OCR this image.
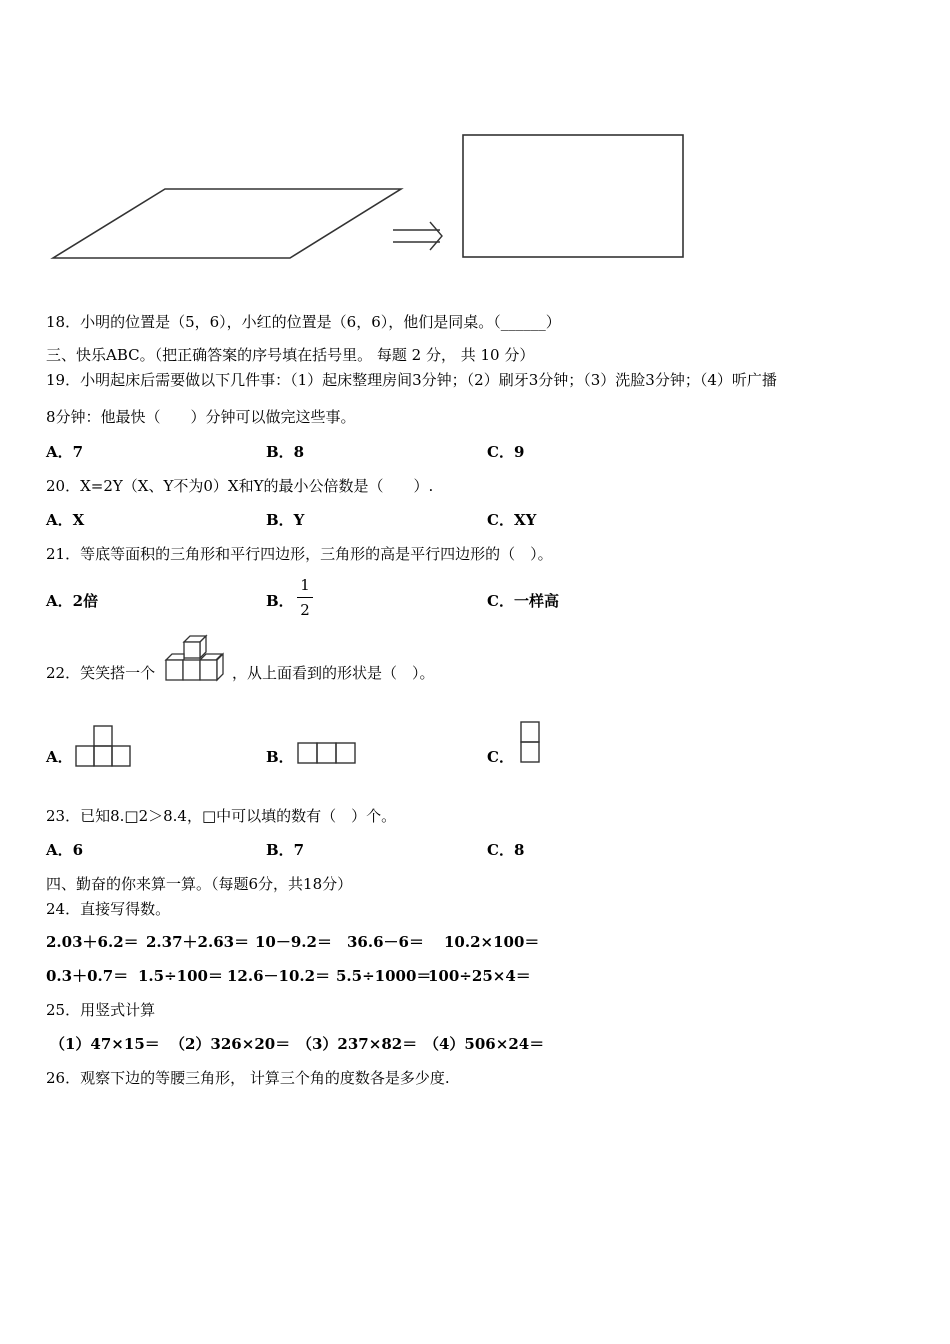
18．小明的位置是（5，6），小红的位置是（6，6），他们是同桌。（______）
三、快乐ABC。（把正确答案的序号填在括号里。 每题 2 分， 共 10 分）
19．小明起床后需要做以下几件事：（1）起床整理房间3分钟；（2）刷牙3分钟；（3）洗脸3分钟；（4）听广播
8分钟：他最快（　　）分钟可以做完这些事。
A．7	B．8	C．9
20．X=2Y（X、Y不为0）X和Y的最小公倍数是（　　）.
A．X	B．Y	C．XY
21．等底等面积的三角形和平行四边形，三角形的高是平行四边形的（　）。
A．2倍	B．
1
2	C．一样高
22．笑笑搭一个	，从上面看到的形状是（　）。
A．	B．	C．
23．已知8.□2＞8.4，□中可以填的数有（　）个。
A．6	B．7	C．8
四、勤奋的你来算一算。（每题6分，共18分）
24．直接写得数。
2.03＋6.2＝ 2.37＋2.63＝ 10－9.2＝ 36.6－6＝ 10.2×100＝
0.3＋0.7＝ 1.5÷100＝ 12.6－10.2＝ 5.5÷1000＝
100÷25×4＝
25．用竖式计算
（1）47×15＝ （2）326×20＝ （3）237×82＝ （4）506×24＝
26．观察下边的等腰三角形， 计算三个角的度数各是多少度.
